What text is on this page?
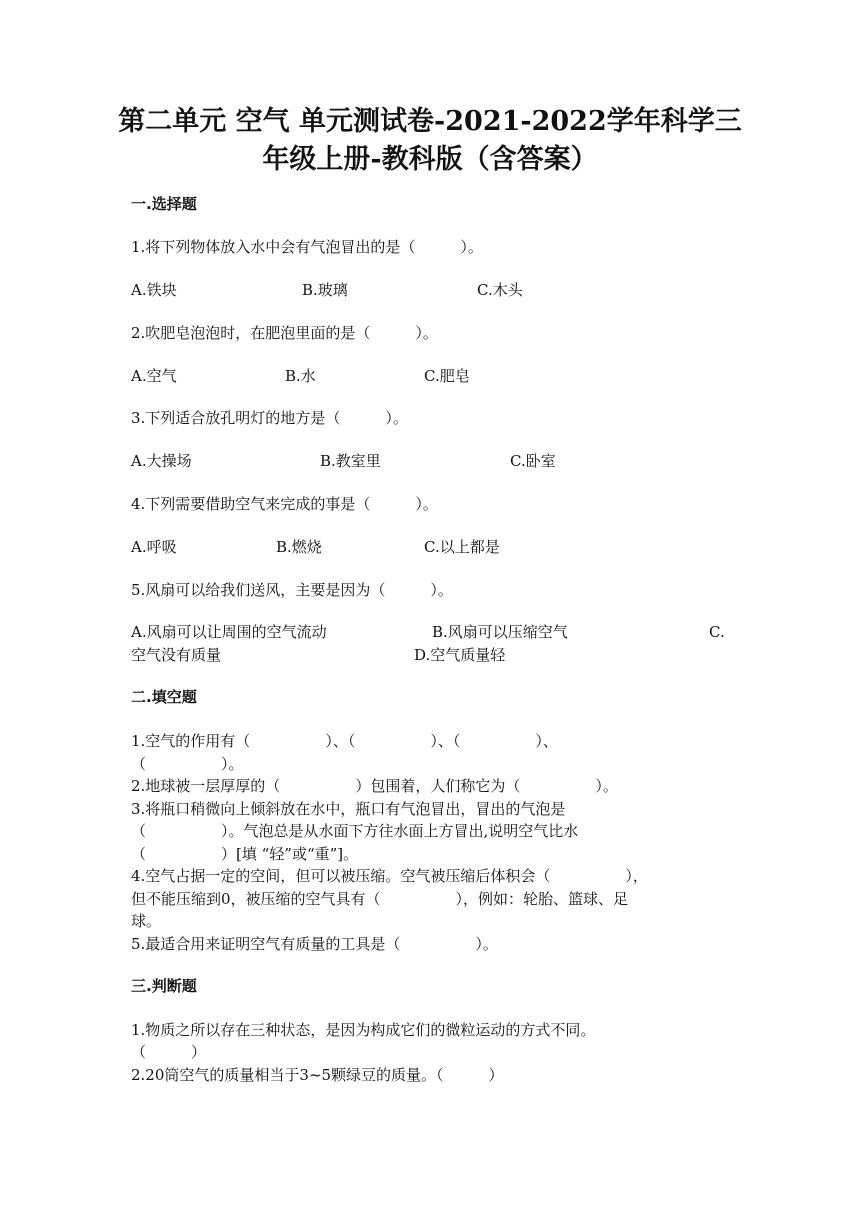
第二单元 空气 单元测试卷-2021-2022学年科学三
年级上册-教科版（含答案）
一.选择题
1.将下列物体放入水中会有气泡冒出的是（　　　）。
A.铁块	B.玻璃	C.木头
2.吹肥皂泡泡时，在肥泡里面的是（　　　）。
A.空气	B.水	C.肥皂
3.下列适合放孔明灯的地方是（　　　）。
A.大操场	B.教室里	C.卧室
4.下列需要借助空气来完成的事是（　　　）。
A.呼吸	B.燃烧	C.以上都是
5.风扇可以给我们送风，主要是因为（　　　）。
A.风扇可以让周围的空气流动	B.风扇可以压缩空气	C.
空气没有质量	D.空气质量轻
二.填空题
1.空气的作用有（　　　　　）、（　　　　　）、（　　　　　）、
（　　　　　）。
2.地球被一层厚厚的（　　　　　）包围着，人们称它为（　　　　　）。
3.将瓶口稍微向上倾斜放在水中，瓶口有气泡冒出，冒出的气泡是
（　　　　　）。气泡总是从水面下方往水面上方冒出,说明空气比水
（　　　　　）[填 “轻”或“重”]。
4.空气占据一定的空间，但可以被压缩。空气被压缩后体积会（　　　　　），
但不能压缩到0，被压缩的空气具有（　　　　　），例如：轮胎、篮球、足
球。
5.最适合用来证明空气有质量的工具是（　　　　　）。
三.判断题
1.物质之所以存在三种状态，是因为构成它们的微粒运动的方式不同。
（　　　）
2.20筒空气的质量相当于3~5颗绿豆的质量。（　　　）
